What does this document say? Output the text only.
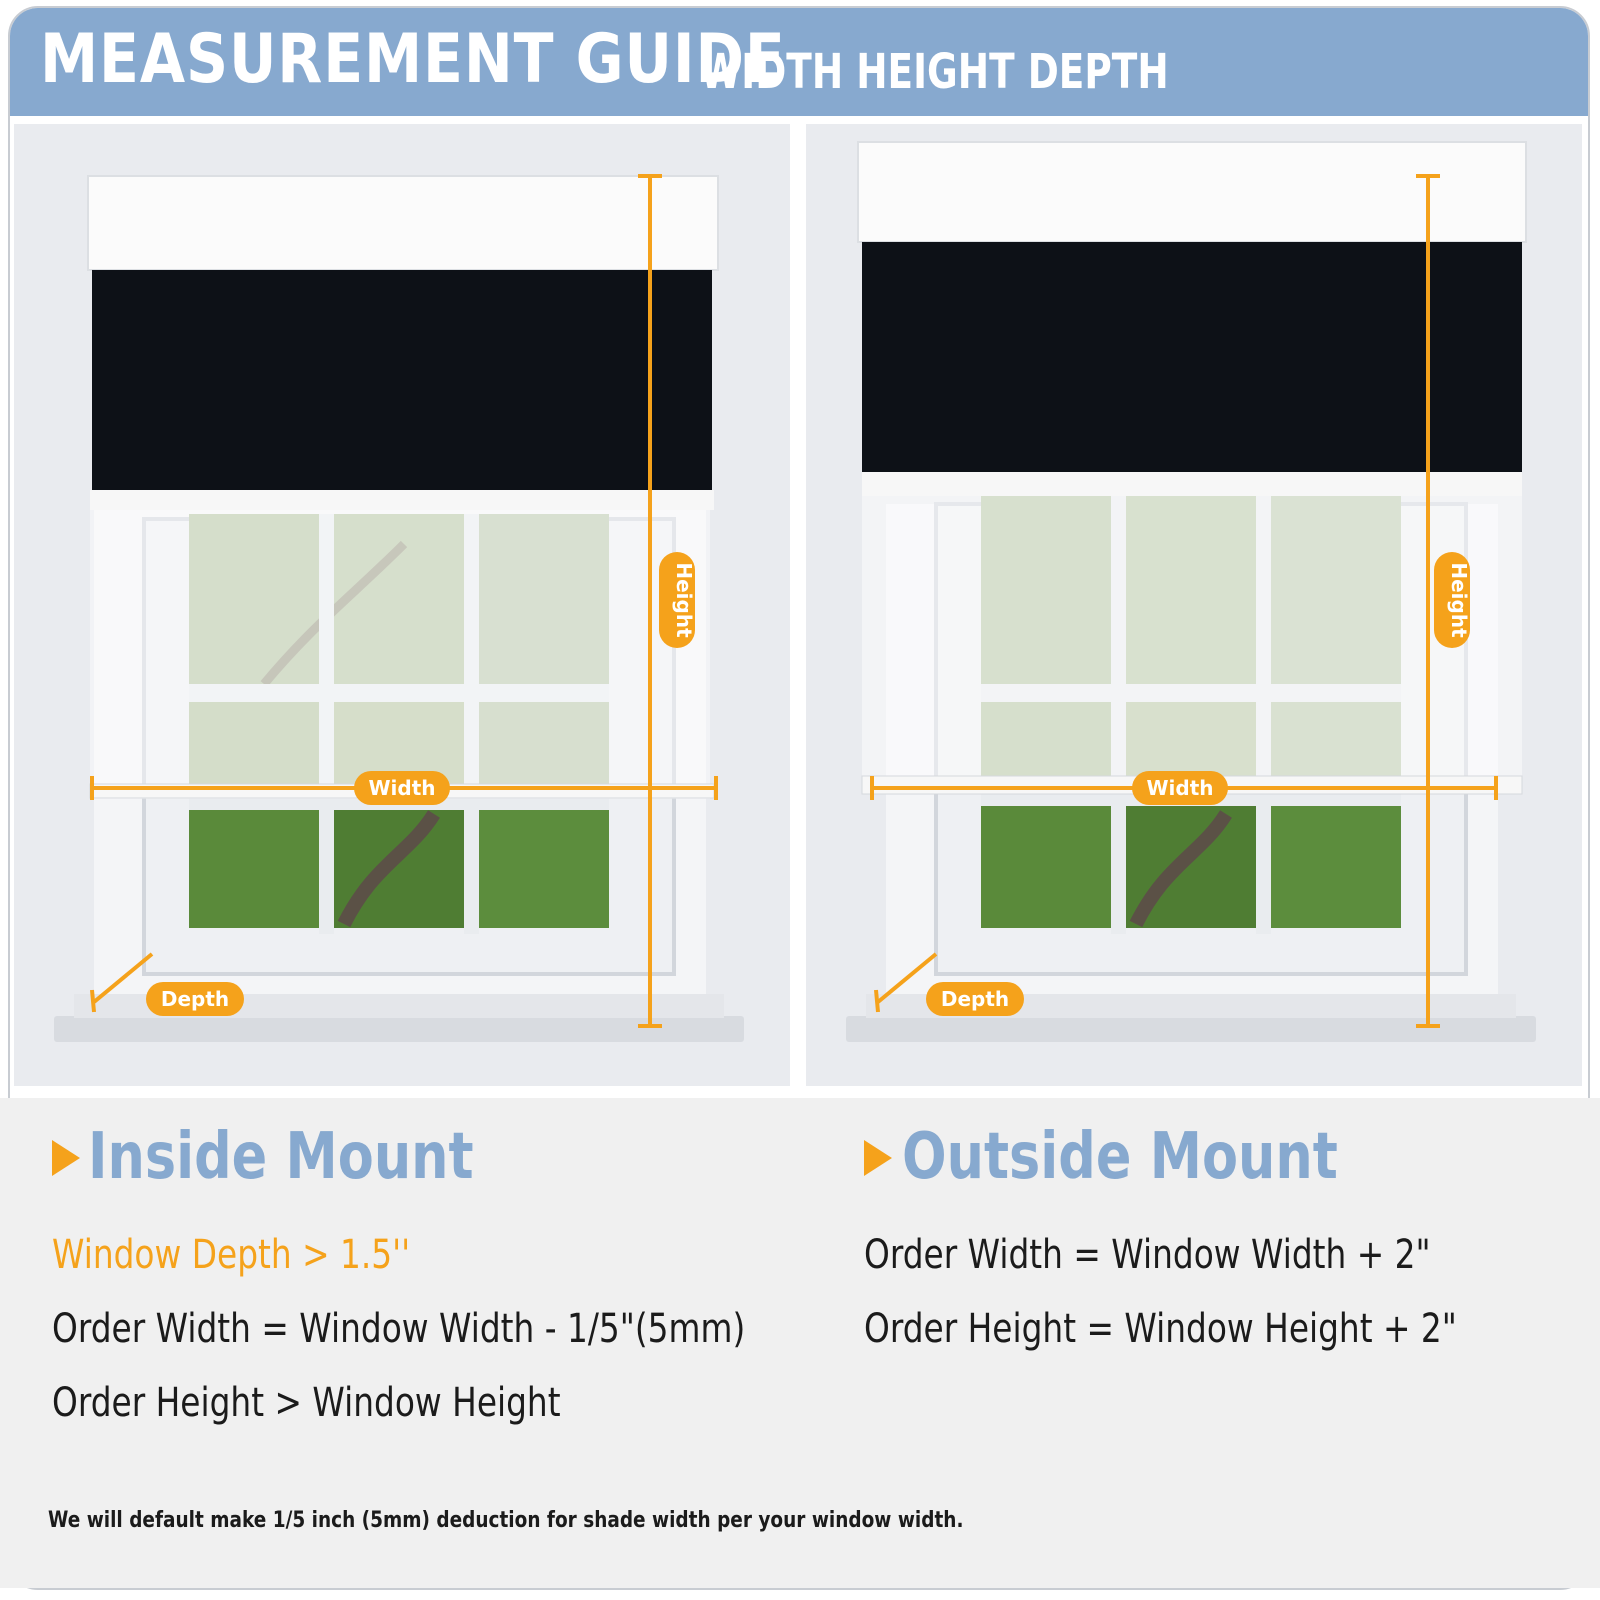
MEASUREMENT GUIDE
WIDTH HEIGHT DEPTH
Height
Width
Depth
Height
Width
Depth
Inside Mount
Window Depth > 1.5''
Order Width = Window Width - 1/5"(5mm)
Order Height > Window Height
Outside Mount
Order Width = Window Width + 2"
Order Height = Window Height + 2"
We will default make 1/5 inch (5mm) deduction for shade width per your window width.
